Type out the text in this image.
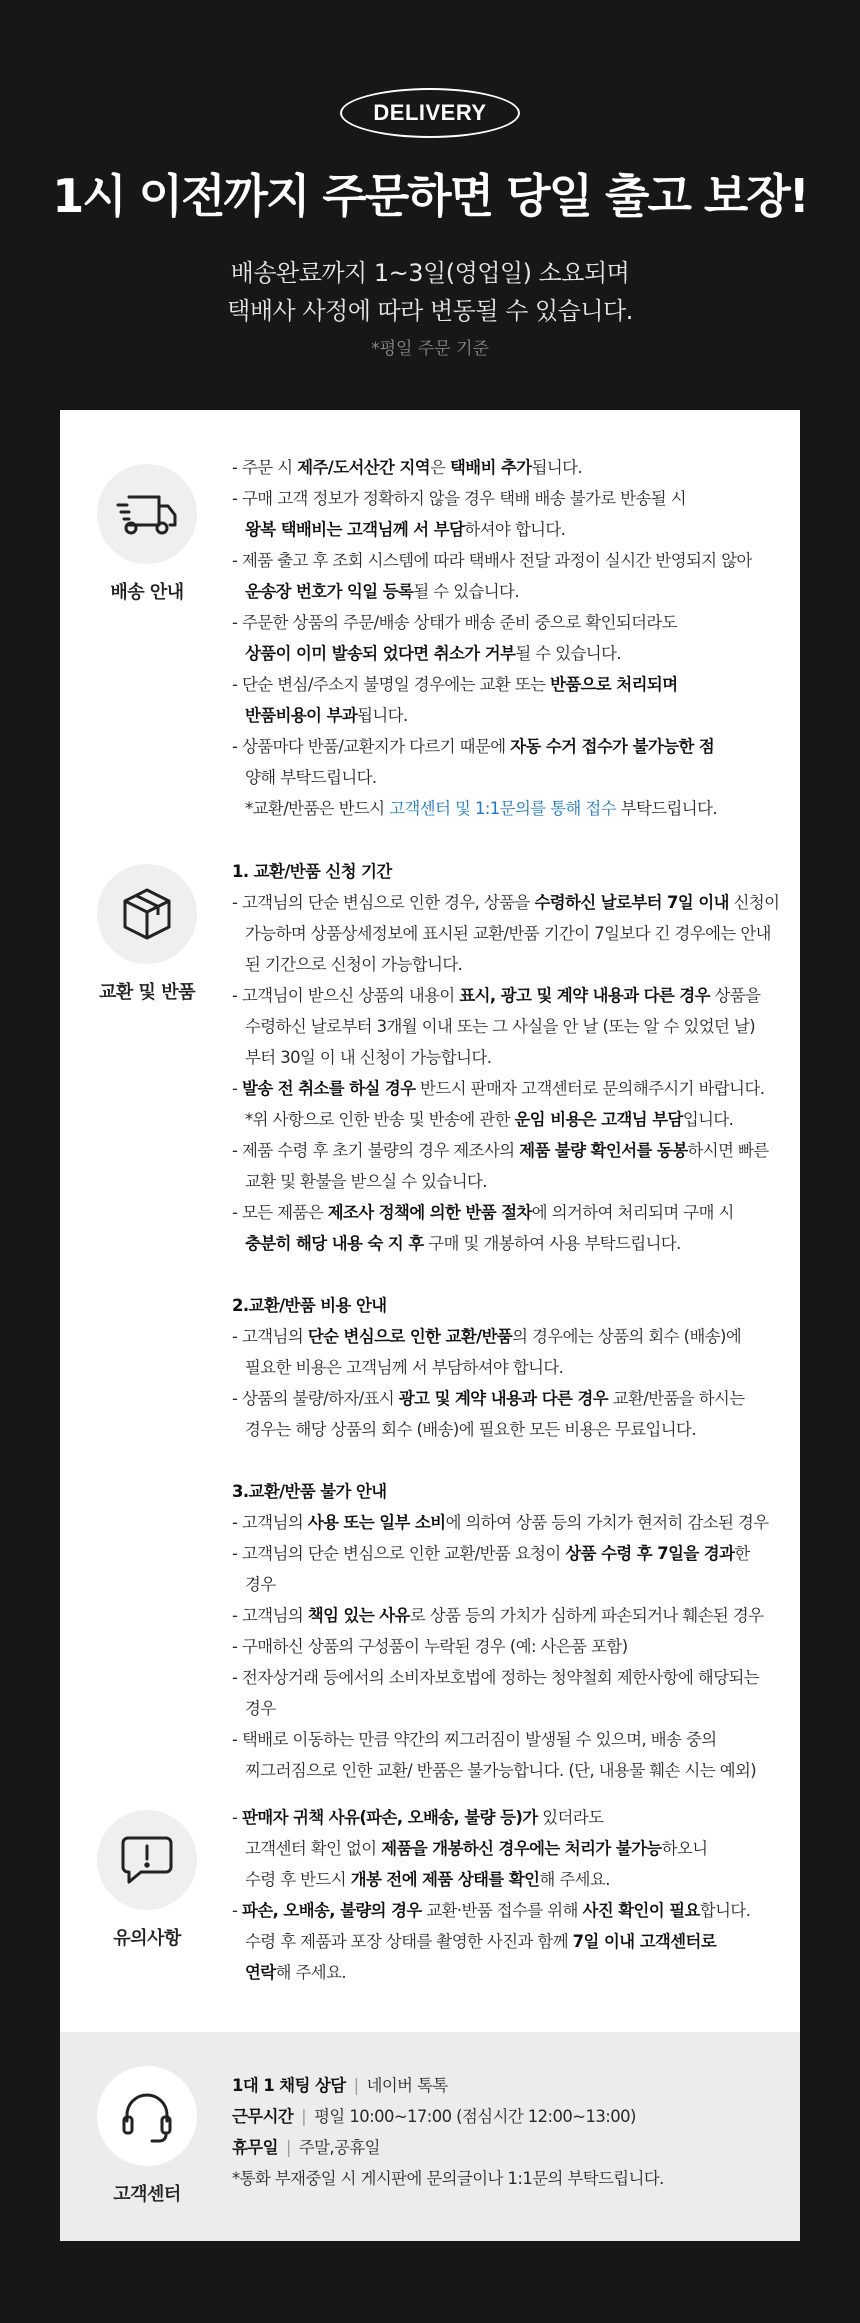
DELIVERY
1시 이전까지 주문하면 당일 출고 보장!
배송완료까지 1~3일(영업일) 소요되며
택배사 사정에 따라 변동될 수 있습니다.
*평일 주문 기준
배송 안내
- 주문 시 제주/도서산간 지역은 택배비 추가됩니다.
- 구매 고객 정보가 정확하지 않을 경우 택배 배송 불가로 반송될 시
왕복 택배비는 고객님께 서 부담하셔야 합니다.
- 제품 출고 후 조회 시스템에 따라 택배사 전달 과정이 실시간 반영되지 않아
운송장 번호가 익일 등록될 수 있습니다.
- 주문한 상품의 주문/배송 상태가 배송 준비 중으로 확인되더라도
상품이 이미 발송되 었다면 취소가 거부될 수 있습니다.
- 단순 변심/주소지 불명일 경우에는 교환 또는 반품으로 처리되며
반품비용이 부과됩니다.
- 상품마다 반품/교환지가 다르기 때문에 자동 수거 접수가 불가능한 점
양해 부탁드립니다.
*교환/반품은 반드시 고객센터 및 1:1문의를 통해 접수 부탁드립니다.
교환 및 반품
1. 교환/반품 신청 기간
- 고객님의 단순 변심으로 인한 경우, 상품을 수령하신 날로부터 7일 이내 신청이
가능하며 상품상세정보에 표시된 교환/반품 기간이 7일보다 긴 경우에는 안내
된 기간으로 신청이 가능합니다.
- 고객님이 받으신 상품의 내용이 표시, 광고 및 계약 내용과 다른 경우 상품을
수령하신 날로부터 3개월 이내 또는 그 사실을 안 날 (또는 알 수 있었던 날)
부터 30일 이 내 신청이 가능합니다.
- 발송 전 취소를 하실 경우 반드시 판매자 고객센터로 문의해주시기 바랍니다.
*위 사항으로 인한 반송 및 반송에 관한 운임 비용은 고객님 부담입니다.
- 제품 수령 후 초기 불량의 경우 제조사의 제품 불량 확인서를 동봉하시면 빠른
교환 및 환불을 받으실 수 있습니다.
- 모든 제품은 제조사 정책에 의한 반품 절차에 의거하여 처리되며 구매 시
충분히 해당 내용 숙 지 후 구매 및 개봉하여 사용 부탁드립니다.

2.교환/반품 비용 안내
- 고객님의 단순 변심으로 인한 교환/반품의 경우에는 상품의 회수 (배송)에
필요한 비용은 고객님께 서 부담하셔야 합니다.
- 상품의 불량/하자/표시 광고 및 계약 내용과 다른 경우 교환/반품을 하시는
경우는 해당 상품의 회수 (배송)에 필요한 모든 비용은 무료입니다.

3.교환/반품 불가 안내
- 고객님의 사용 또는 일부 소비에 의하여 상품 등의 가치가 현저히 감소된 경우
- 고객님의 단순 변심으로 인한 교환/반품 요청이 상품 수령 후 7일을 경과한
경우
- 고객님의 책임 있는 사유로 상품 등의 가치가 심하게 파손되거나 훼손된 경우
- 구매하신 상품의 구성품이 누락된 경우 (예: 사은품 포함)
- 전자상거래 등에서의 소비자보호법에 정하는 청약철회 제한사항에 해당되는
경우
- 택배로 이동하는 만큼 약간의 찌그러짐이 발생될 수 있으며, 배송 중의
찌그러짐으로 인한 교환/ 반품은 불가능합니다. (단, 내용물 훼손 시는 예외)
유의사항
- 판매자 귀책 사유(파손, 오배송, 불량 등)가 있더라도
고객센터 확인 없이 제품을 개봉하신 경우에는 처리가 불가능하오니
수령 후 반드시 개봉 전에 제품 상태를 확인해 주세요.
- 파손, 오배송, 불량의 경우 교환·반품 접수를 위해 사진 확인이 필요합니다.
수령 후 제품과 포장 상태를 촬영한 사진과 함께 7일 이내 고객센터로
연락해 주세요.
고객센터
1대 1 채팅 상담 | 네이버 톡톡
근무시간 | 평일 10:00~17:00 (점심시간 12:00~13:00)
휴무일 | 주말,공휴일
*통화 부재중일 시 게시판에 문의글이나 1:1문의 부탁드립니다.
